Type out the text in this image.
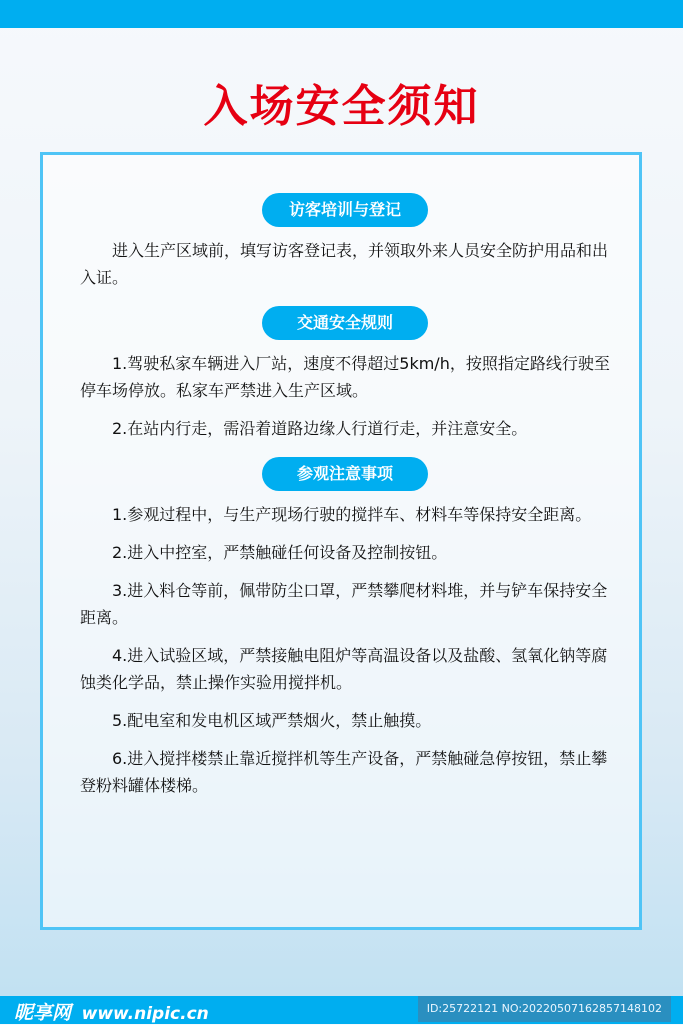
入场安全须知
访客培训与登记

进入生产区域前，填写访客登记表，并领取外来人员安全防护用品和出入证。

交通安全规则

1.驾驶私家车辆进入厂站，速度不得超过5km/h，按照指定路线行驶至停车场停放。私家车严禁进入生产区域。

2.在站内行走，需沿着道路边缘人行道行走，并注意安全。

参观注意事项

1.参观过程中，与生产现场行驶的搅拌车、材料车等保持安全距离。

2.进入中控室，严禁触碰任何设备及控制按钮。

3.进入料仓等前，佩带防尘口罩，严禁攀爬材料堆，并与铲车保持安全距离。

4.进入试验区域，严禁接触电阻炉等高温设备以及盐酸、氢氧化钠等腐蚀类化学品，禁止操作实验用搅拌机。

5.配电室和发电机区域严禁烟火，禁止触摸。

6.进入搅拌楼禁止靠近搅拌机等生产设备，严禁触碰急停按钮，禁止攀登粉料罐体楼梯。

昵享网 www.nipic.cn	ID:25722121 NO:20220507162857148102
